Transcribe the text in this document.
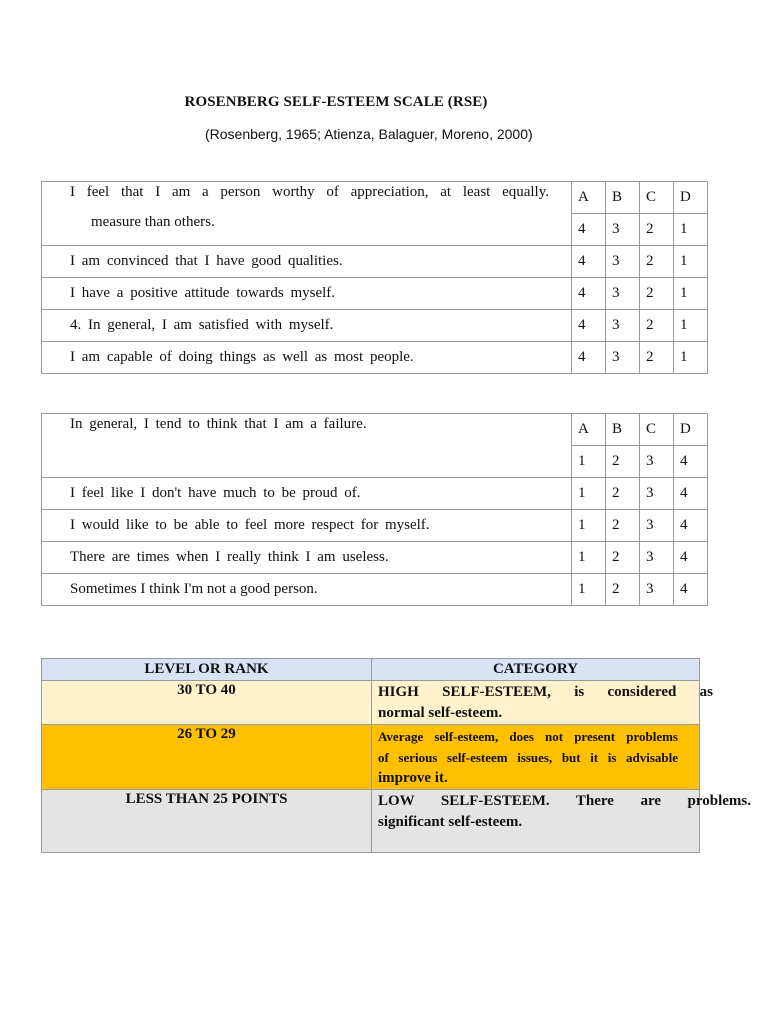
ROSENBERG SELF-ESTEEM SCALE (RSE)
(Rosenberg, 1965; Atienza, Balaguer, Moreno, 2000)
I feel that I am a person worthy of appreciation, at least equally.
measure than others.	A	B	C	D
	4	3	2	1
I am convinced that I have good qualities.	4	3	2	1
I have a positive attitude towards myself.	4	3	2	1
4. In general, I am satisfied with myself.	4	3	2	1
I am capable of doing things as well as most people.	4	3	2	1
In general, I tend to think that I am a failure.	A	B	C	D
	1	2	3	4
I feel like I don't have much to be proud of.	1	2	3	4
I would like to be able to feel more respect for myself.	1	2	3	4
There are times when I really think I am useless.	1	2	3	4
Sometimes I think I'm not a good person.	1	2	3	4
LEVEL OR RANK	CATEGORY
30 TO 40	HIGH SELF-ESTEEM, is considered as
normal self-esteem.

26 TO 29	Average self-esteem, does not present problems
of serious self-esteem issues, but it is advisable
improve it.

LESS THAN 25 POINTS	LOW SELF-ESTEEM. There are problems.
significant self-esteem.
